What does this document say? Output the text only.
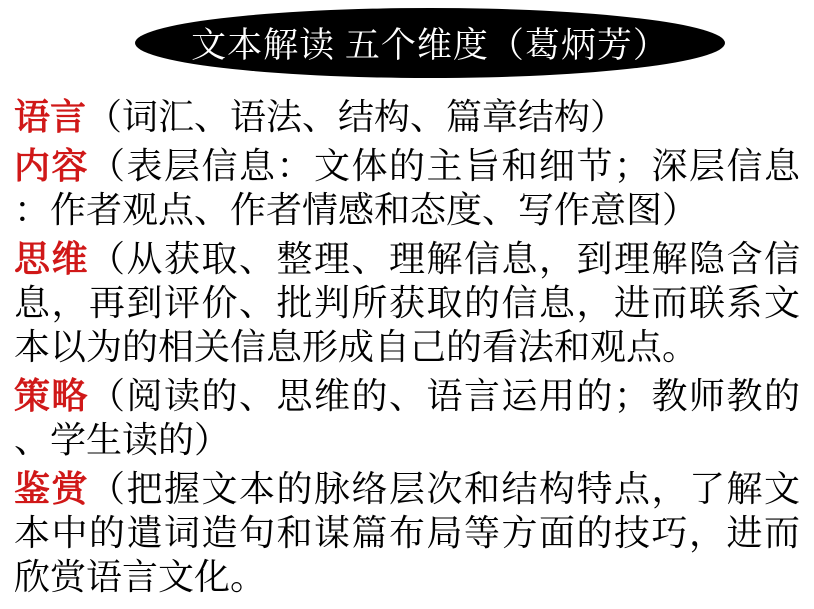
文本解读 五个维度（葛炳芳）
语言（词汇、语法、结构、篇章结构）
内容（表层信息：文体的主旨和细节；深层信息
：作者观点、作者情感和态度、写作意图）
思维（从获取、整理、理解信息，到理解隐含信
息，再到评价、批判所获取的信息，进而联系文
本以为的相关信息形成自己的看法和观点。
策略（阅读的、思维的、语言运用的；教师教的
、学生读的）
鉴赏（把握文本的脉络层次和结构特点，了解文
本中的遣词造句和谋篇布局等方面的技巧，进而
欣赏语言文化。
